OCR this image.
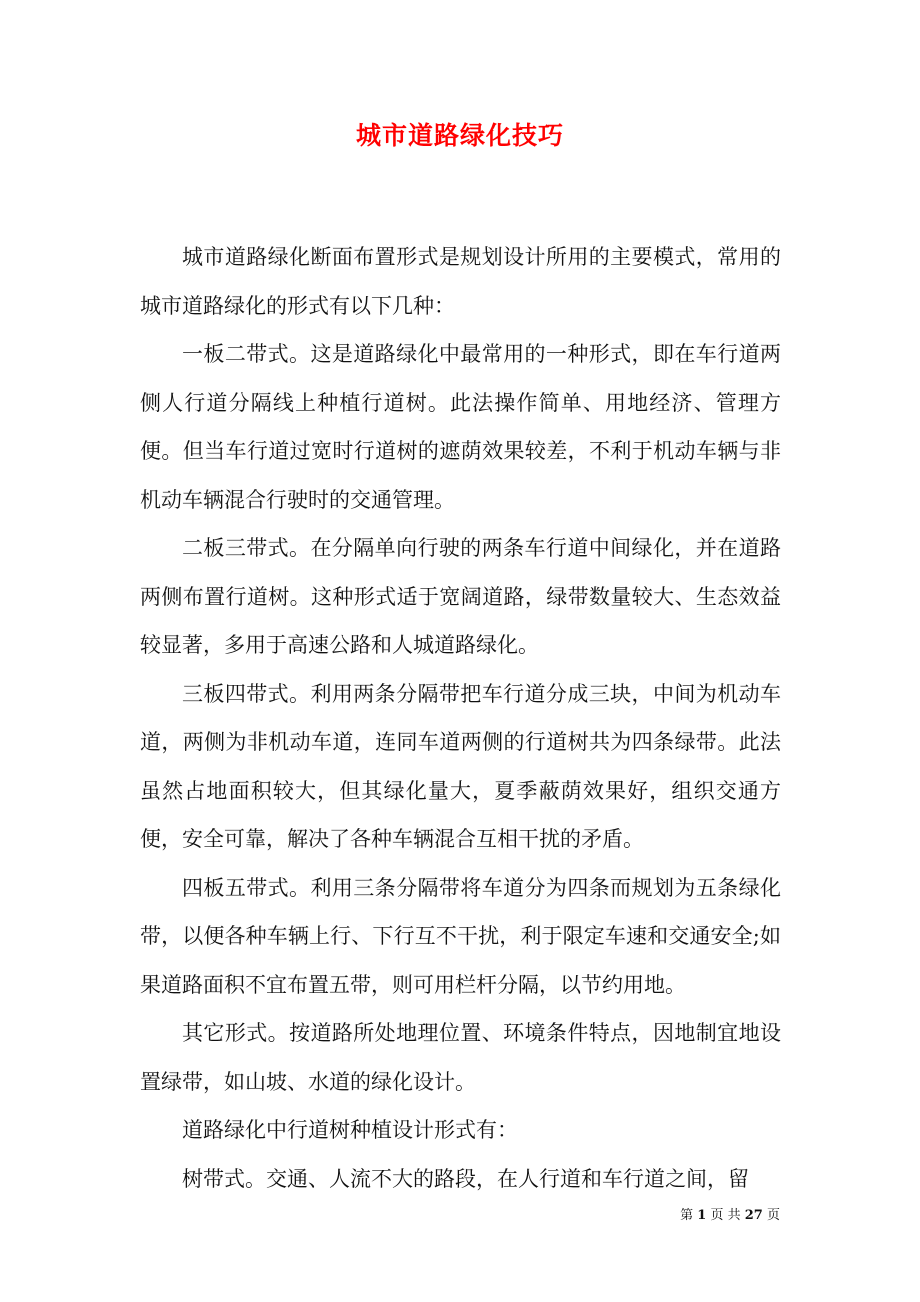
城市道路绿化技巧

城市道路绿化断面布置形式是规划设计所用的主要模式，常用的城市道路绿化的形式有以下几种：

一板二带式。这是道路绿化中最常用的一种形式，即在车行道两侧人行道分隔线上种植行道树。此法操作简单、用地经济、管理方便。但当车行道过宽时行道树的遮荫效果较差，不利于机动车辆与非机动车辆混合行驶时的交通管理。

二板三带式。在分隔单向行驶的两条车行道中间绿化，并在道路两侧布置行道树。这种形式适于宽阔道路，绿带数量较大、生态效益较显著，多用于高速公路和人城道路绿化。

三板四带式。利用两条分隔带把车行道分成三块，中间为机动车道，两侧为非机动车道，连同车道两侧的行道树共为四条绿带。此法虽然占地面积较大，但其绿化量大，夏季蔽荫效果好，组织交通方便，安全可靠，解决了各种车辆混合互相干扰的矛盾。

四板五带式。利用三条分隔带将车道分为四条而规划为五条绿化带，以便各种车辆上行、下行互不干扰，利于限定车速和交通安全;如果道路面积不宜布置五带，则可用栏杆分隔，以节约用地。

其它形式。按道路所处地理位置、环境条件特点，因地制宜地设置绿带，如山坡、水道的绿化设计。

道路绿化中行道树种植设计形式有：

树带式。交通、人流不大的路段，在人行道和车行道之间，留

第 1 页 共 27 页
